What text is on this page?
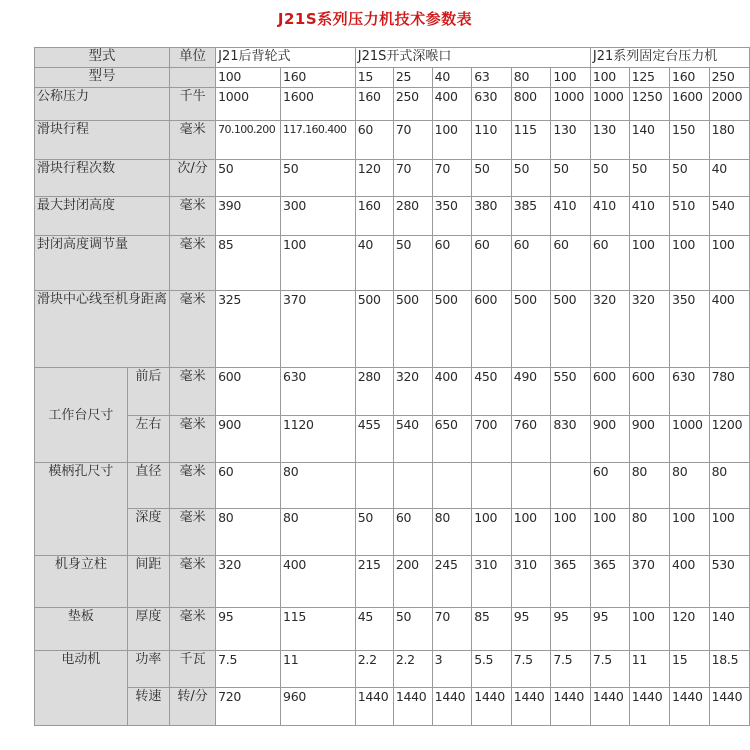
J21S系列压力机技术参数表
型式		单位	J21后背轮式		J21S开式深喉口						J21系列固定台压力机			
型号			100	160	15	25	40	63	80	100	100	125	160	250
公称压力		千牛	1000	1600	160	250	400	630	800	1000	1000	1250	1600	2000
滑块行程		毫米	70.100.200	117.160.400	60	70	100	110	115	130	130	140	150	180
滑块行程次数		次/分	50	50	120	70	70	50	50	50	50	50	50	40
最大封闭高度		毫米	390	300	160	280	350	380	385	410	410	410	510	540
封闭高度调节量		毫米	85	100	40	50	60	60	60	60	60	100	100	100
滑块中心线至机身距离		毫米	325	370	500	500	500	600	500	500	320	320	350	400
工作台尺寸	前后	毫米	600	630	280	320	400	450	490	550	600	600	630	780
	左右	毫米	900	1120	455	540	650	700	760	830	900	900	1000	1200
模柄孔尺寸	直径	毫米	60	80							60	80	80	80
	深度	毫米	80	80	50	60	80	100	100	100	100	80	100	100
机身立柱	间距	毫米	320	400	215	200	245	310	310	365	365	370	400	530
垫板	厚度	毫米	95	115	45	50	70	85	95	95	95	100	120	140
电动机	功率	千瓦	7.5	11	2.2	2.2	3	5.5	7.5	7.5	7.5	11	15	18.5
	转速	转/分	720	960	1440	1440	1440	1440	1440	1440	1440	1440	1440	1440
